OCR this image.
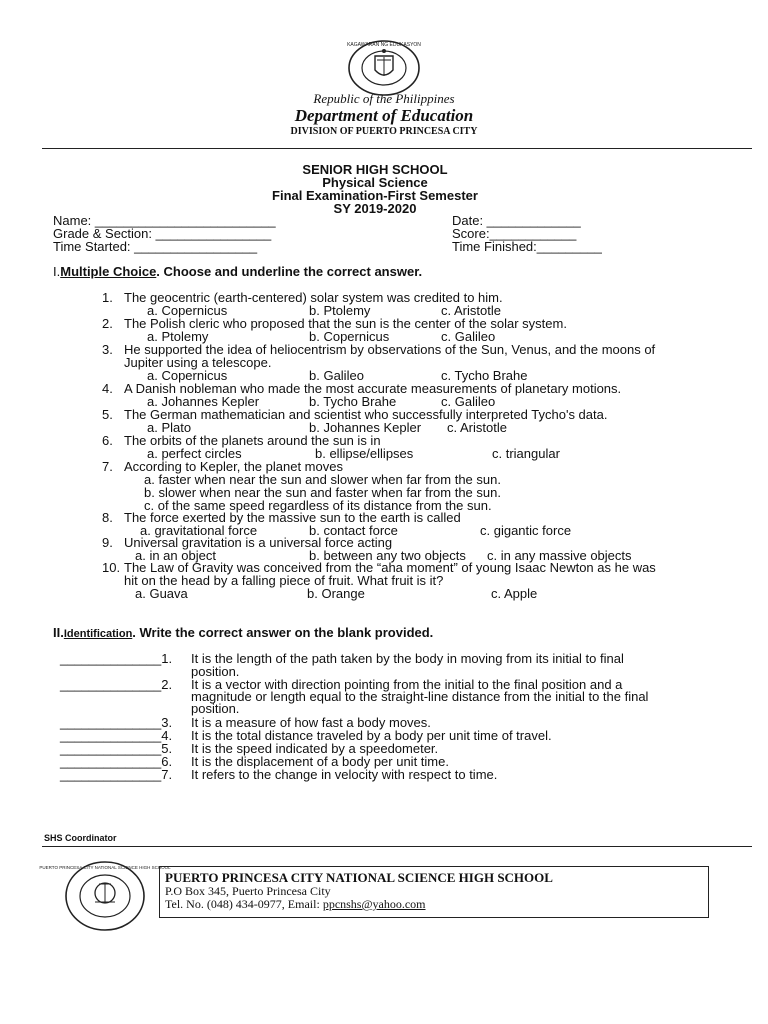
KAGAWARAN NG EDUKASYON
Republic of the Philippines
Department of Education
DIVISION OF PUERTO PRINCESA CITY
SENIOR HIGH SCHOOL
Physical Science
Final Examination-First Semester
SY 2019-2020
Name: _________________________
Grade & Section: ________________
Time Started: _________________
Date: _____________
Score:____________
Time Finished:_________
I.Multiple Choice. Choose and underline the correct answer.
1. The geocentric (earth-centered) solar system was credited to him.
a. Copernicus	b. Ptolemy	c. Aristotle
2. The Polish cleric who proposed that the sun is the center of the solar system.
a. Ptolemy	b. Copernicus	c. Galileo
3. He supported the idea of heliocentrism by observations of the Sun, Venus, and the moons of
Jupiter using a telescope.
a. Copernicus	b. Galileo	c. Tycho Brahe
4. A Danish nobleman who made the most accurate measurements of planetary motions.
a. Johannes Kepler	b. Tycho Brahe	c. Galileo
5. The German mathematician and scientist who successfully interpreted Tycho's data.
a. Plato	b. Johannes Kepler c. Aristotle
6. The orbits of the planets around the sun is in
a. perfect circles	b. ellipse/ellipses	c. triangular
7. According to Kepler, the planet moves
a. faster when near the sun and slower when far from the sun.
b. slower when near the sun and faster when far from the sun.
c. of the same speed regardless of its distance from the sun.
8. The force exerted by the massive sun to the earth is called
a. gravitational force	b. contact force	c. gigantic force
9. Universal gravitation is a universal force acting
a. in an object	b. between any two objects c. in any massive objects
10. The Law of Gravity was conceived from the “aha moment” of young Isaac Newton as he was
hit on the head by a falling piece of fruit. What fruit is it?
a. Guava	b. Orange	c. Apple
II.Identification. Write the correct answer on the blank provided.
______________1. It is the length of the path taken by the body in moving from its initial to final
position.
______________2. It is a vector with direction pointing from the initial to the final position and a
magnitude or length equal to the straight-line distance from the initial to the final
position.
______________3. It is a measure of how fast a body moves.
______________4. It is the total distance traveled by a body per unit time of travel.
______________5. It is the speed indicated by a speedometer.
______________6. It is the displacement of a body per unit time.
______________7. It refers to the change in velocity with respect to time.
SHS Coordinator
PUERTO PRINCESA CITY NATIONAL SCIENCE HIGH SCHOOL
PUERTO PRINCESA CITY NATIONAL SCIENCE HIGH SCHOOL
P.O Box 345, Puerto Princesa City
Tel. No. (048) 434-0977, Email: ppcnshs@yahoo.com
